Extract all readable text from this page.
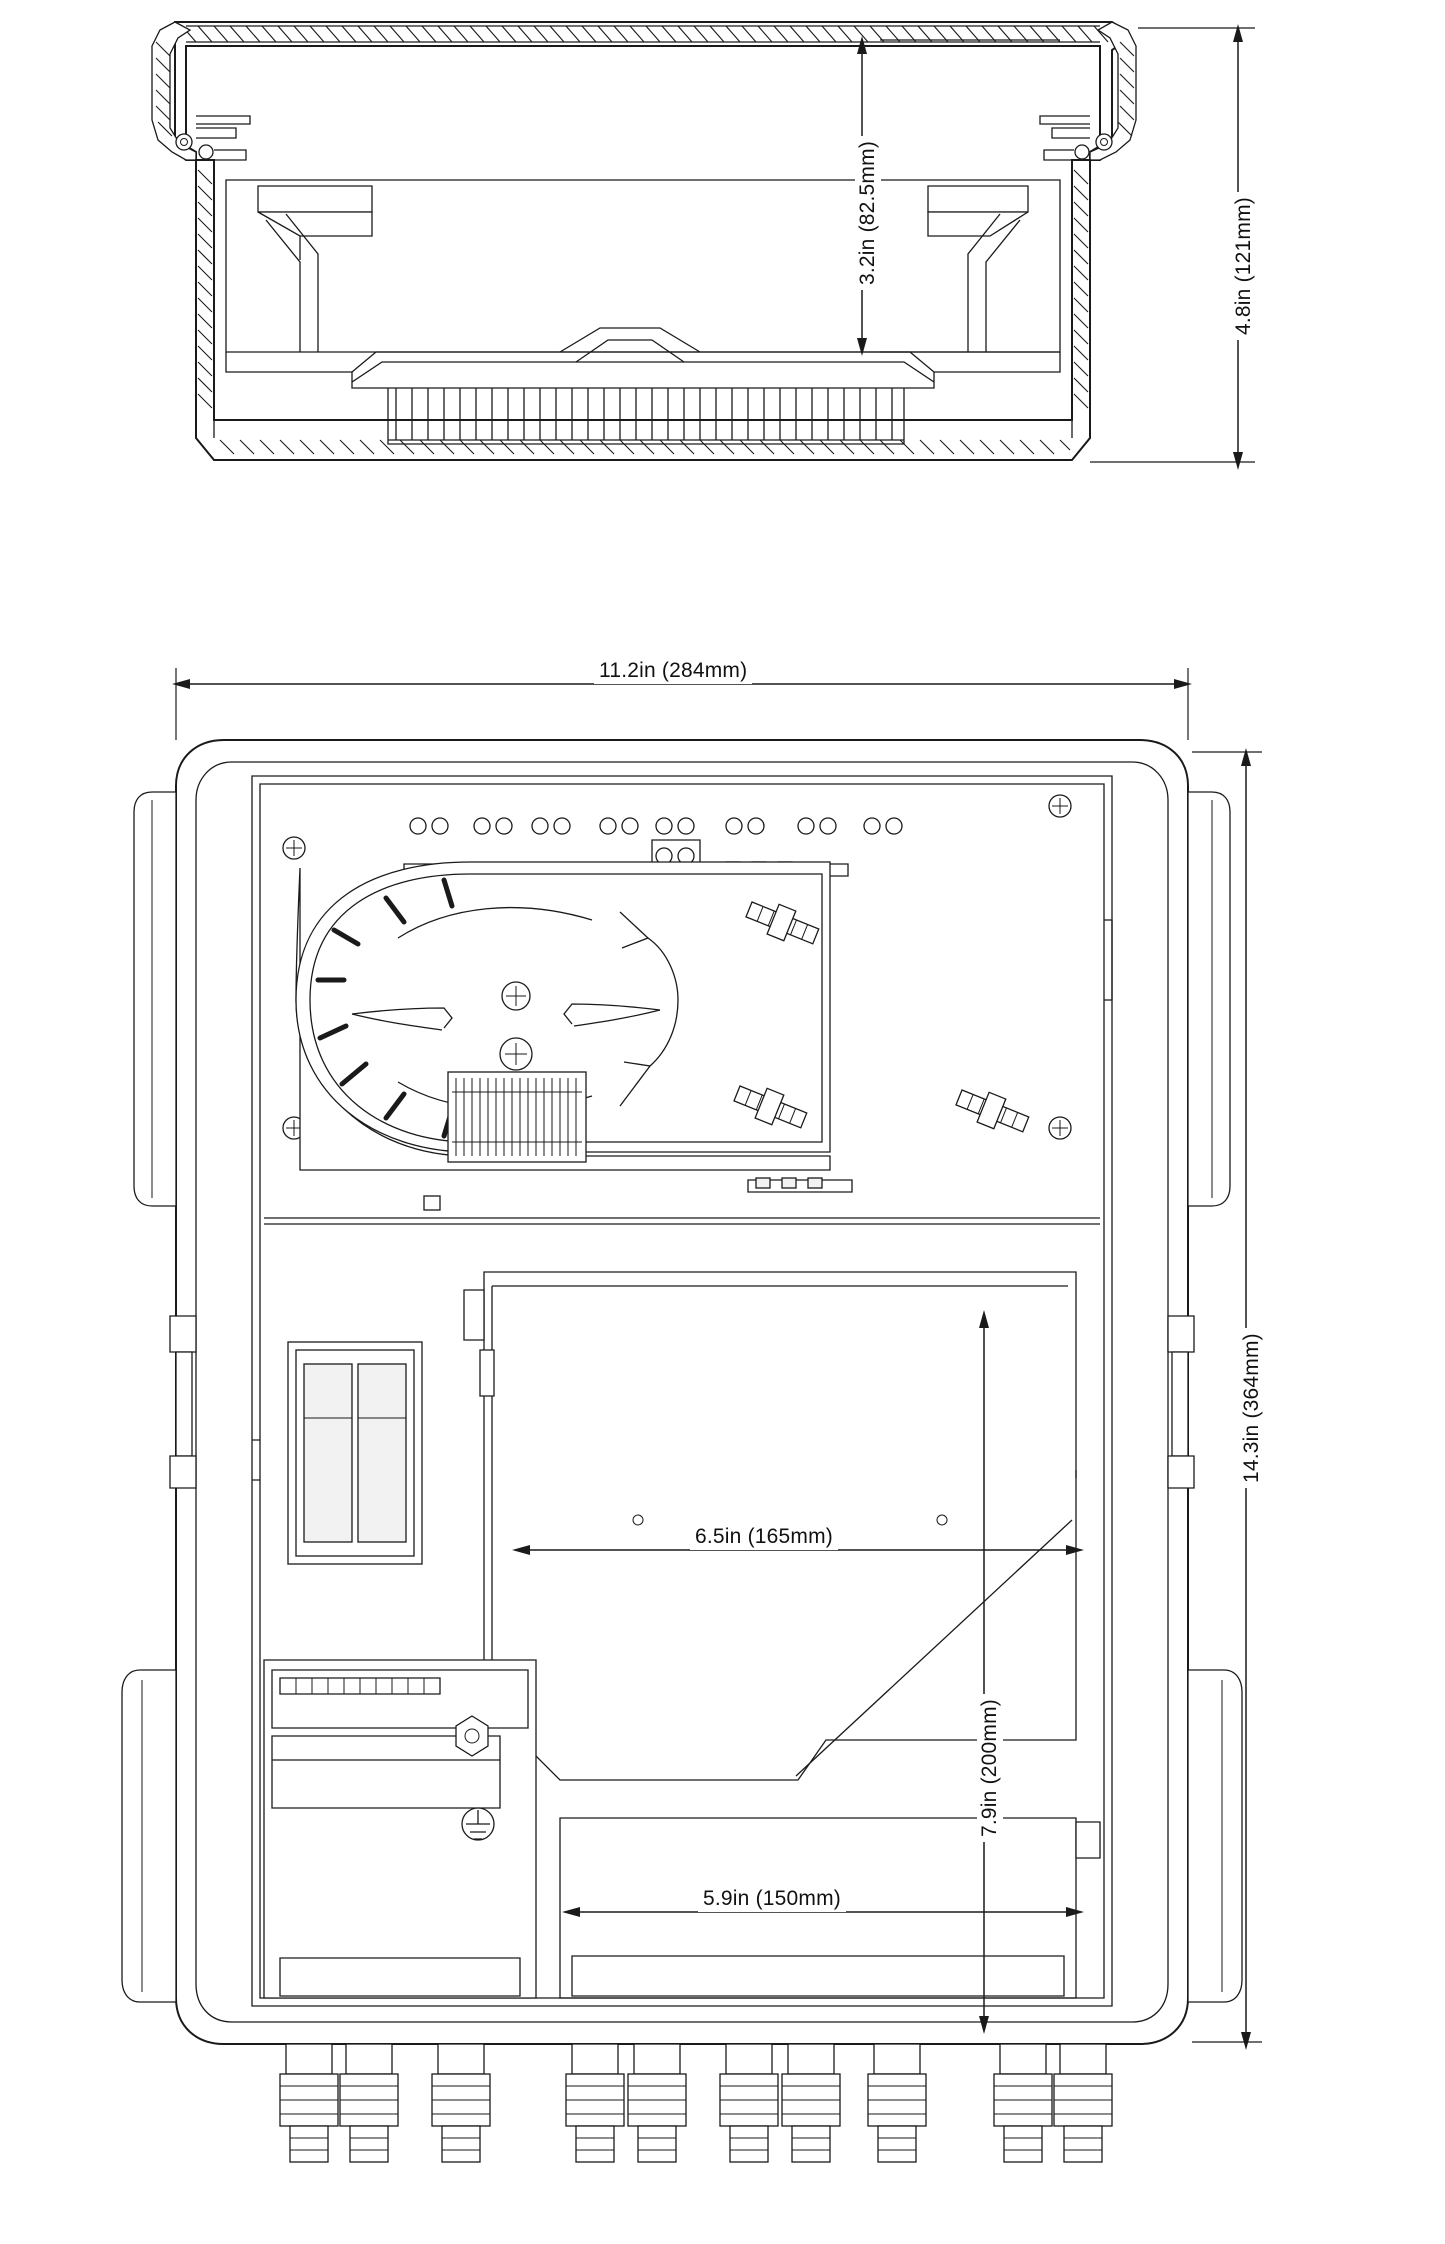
3.2in (82.5mm)	4.8in (121mm)
11.2in (284mm)
14.3in (364mm)
6.5in (165mm)
5.9in (150mm)
7.9in (200mm)
